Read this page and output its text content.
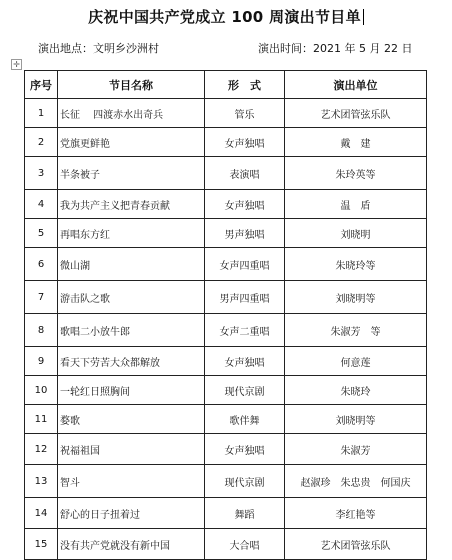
庆祝中国共产党成立 100 周演出节目单
演出地点：文明乡沙洲村	演出时间：2021 年 5 月 22 日
✛
序号	节目名称	形　式	演出单位
1	长征　 四渡赤水出奇兵	管乐	艺术团管弦乐队
2	党旗更鲜艳	女声独唱	戴　建
3	半条被子	表演唱	朱玲英等
4	我为共产主义把青春贡献	女声独唱	温　盾
5	再唱东方红	男声独唱	刘晓明
6	微山湖	女声四重唱	朱晓玲等
7	游击队之歌	男声四重唱	刘晓明等
8	歌唱二小放牛郎	女声二重唱	朱淑芳　等
9	看天下劳苦大众都解放	女声独唱	何意莲
10	一轮红日照胸间	现代京剧	朱晓玲
11	婺歌	歌伴舞	刘晓明等
12	祝福祖国	女声独唱	朱淑芳
13	智斗	现代京剧	赵淑珍　朱忠贵　何国庆
14	舒心的日子扭着过	舞蹈	李红艳等
15	没有共产党就没有新中国	大合唱	艺术团管弦乐队
